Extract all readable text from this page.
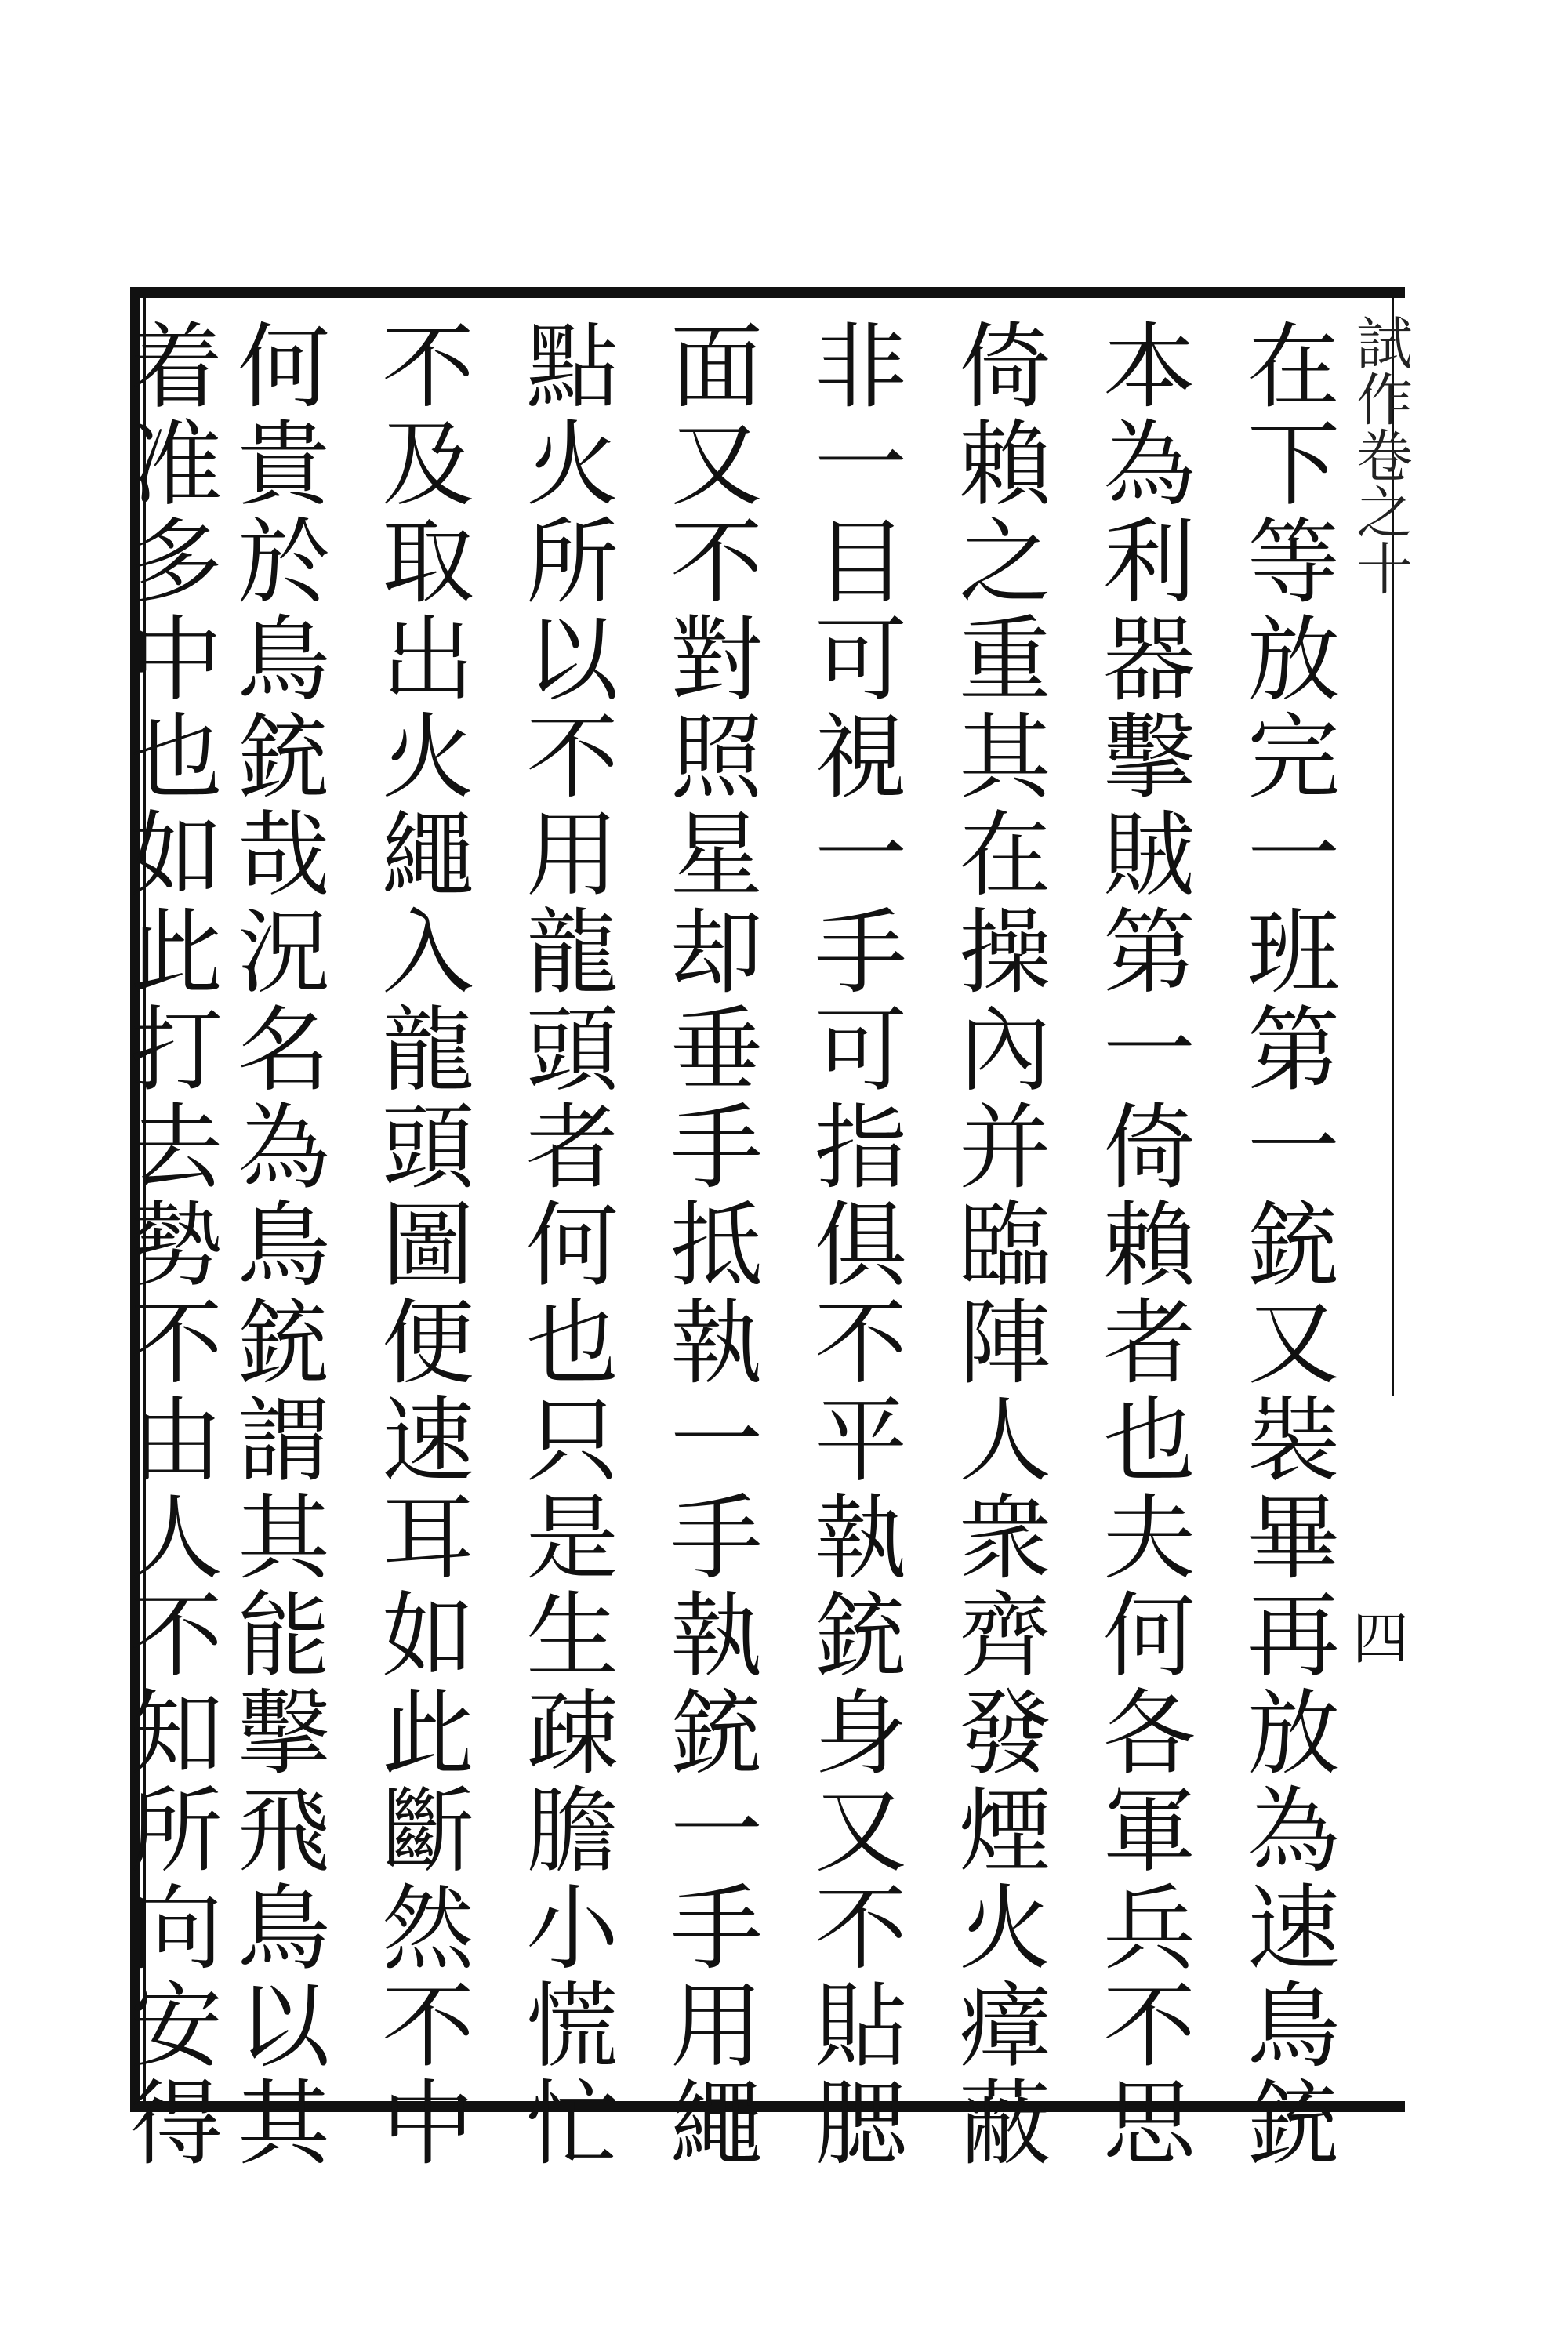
試作卷之十
四
在下等放完一班第一銃又裝畢再放為速鳥銃
本為利器擊賊第一倚賴者也夫何各軍兵不思
倚賴之重其在操內并臨陣人衆齊發煙火瘴蔽
非一目可視一手可指俱不平執銃身又不貼腮
面又不對照星却垂手抵執一手執銃一手用繩
點火所以不用龍頭者何也只是生疎膽小慌忙
不及取出火繩入龍頭圖便速耳如此斷然不中
何貴於鳥銃哉況名為鳥銃謂其能擊飛鳥以其
着准多中也如此打去勢不由人不知所向安得
